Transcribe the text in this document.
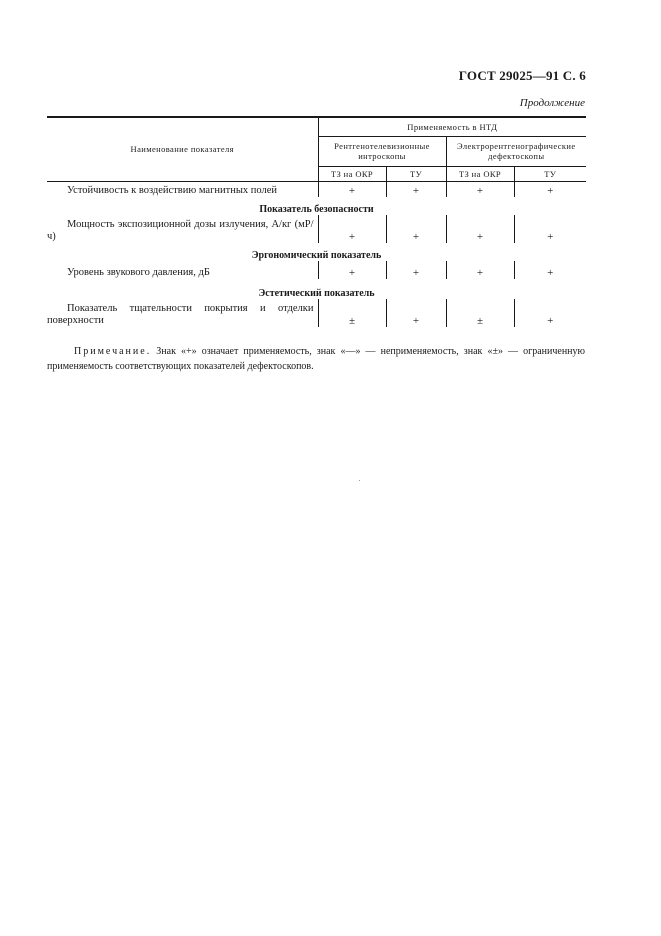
ГОСТ 29025—91 С. 6
Продолжение
Наименование показателя	Применяемость в НТД			
	Рентгенотелевизионные интроскопы		Электрорентгенографические дефектоскопы	
	ТЗ на ОКР	ТУ	ТЗ на ОКР	ТУ
Устойчивость к воздействию магнитных полей	+	+	+	+
Показатель безопасности				
Мощность экспозиционной дозы излучения, А/кг (мР/ч)	+	+	+	+
Эргономический показатель				
Уровень звукового давления, дБ	+	+	+	+
Эстетический показатель				
Показатель тщательности покрытия и отделки поверхности	±	+	±	+
Примечание. Знак «+» означает применяемость, знак «—» — неприменяемость, знак «±» — ограниченную применяемость соответствующих показателей дефектоскопов.
